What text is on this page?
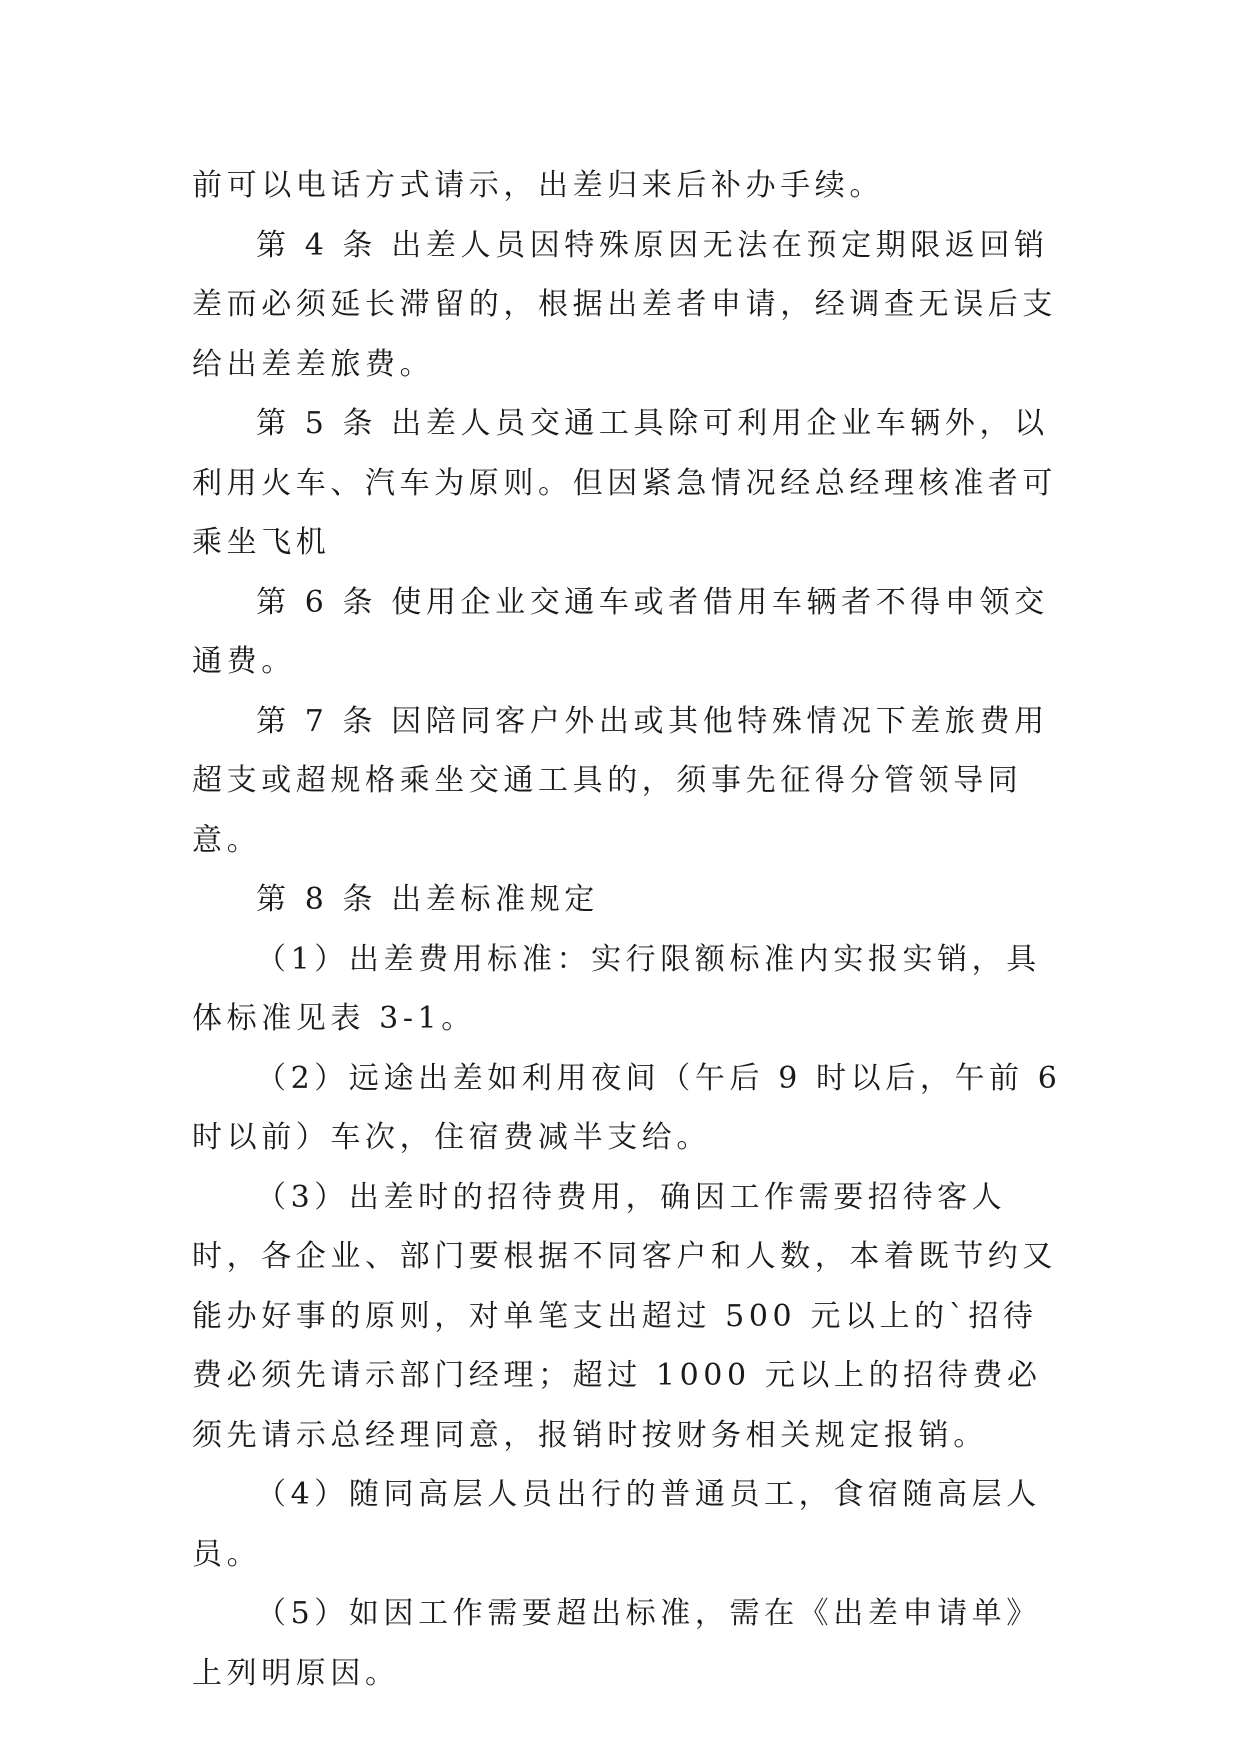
前可以电话方式请示，出差归来后补办手续。

第 4 条 出差人员因特殊原因无法在预定期限返回销差而必须延长滞留的，根据出差者申请，经调查无误后支给出差差旅费。

第 5 条 出差人员交通工具除可利用企业车辆外，以利用火车、汽车为原则。但因紧急情况经总经理核准者可乘坐飞机

第 6 条 使用企业交通车或者借用车辆者不得申领交通费。

第 7 条 因陪同客户外出或其他特殊情况下差旅费用超支或超规格乘坐交通工具的，须事先征得分管领导同意。

第 8 条 出差标准规定

（1）出差费用标准：实行限额标准内实报实销，具体标准见表 3-1。

（2）远途出差如利用夜间（午后 9 时以后，午前 6 时以前）车次，住宿费减半支给。

（3）出差时的招待费用，确因工作需要招待客人时，各企业、部门要根据不同客户和人数，本着既节约又能办好事的原则，对单笔支出超过 500 元以上的`招待费必须先请示部门经理；超过 1000 元以上的招待费必须先请示总经理同意，报销时按财务相关规定报销。

（4）随同高层人员出行的普通员工，食宿随高层人员。

（5）如因工作需要超出标准，需在《出差申请单》上列明原因。
